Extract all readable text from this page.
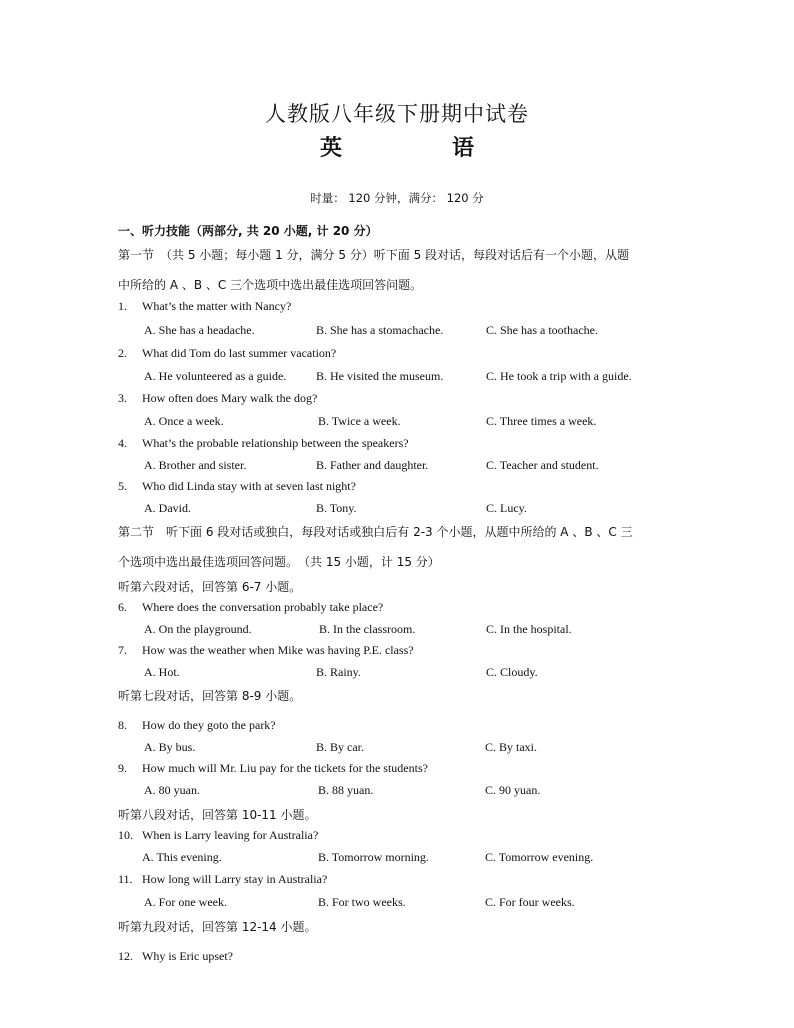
人教版八年级下册期中试卷
英　语
时量： 120 分钟，满分： 120 分
一、听力技能（两部分, 共 20 小题, 计 20 分）
第一节　（共 5 小题；每小题 1 分，满分 5 分）听下面 5 段对话，每段对话后有一个小题，从题
中所给的 A 、B 、C 三个选项中选出最佳选项回答问题。
1. What’s the matter with Nancy?
A. She has a headache.	B. She has a stomachache.	C. She has a toothache.
2. What did Tom do last summer vacation?
A. He volunteered as a guide. B. He visited the museum.	C. He took a trip with a guide.
3. How often does Mary walk the dog?
A. Once a week.	B. Twice a week.	C. Three times a week.
4. What’s the probable relationship between the speakers?
A. Brother and sister.	B. Father and daughter.	C. Teacher and student.
5. Who did Linda stay with at seven last night?
A. David.	B. Tony.	C. Lucy.
第二节　听下面 6 段对话或独白，每段对话或独白后有 2-3 个小题，从题中所给的 A 、B 、C 三
个选项中选出最佳选项回答问题。　（共 15 小题，计 15 分）
听第六段对话，回答第 6-7 小题。
6. Where does the conversation probably take place?
A. On the playground.	B. In the classroom.	C. In the hospital.
7. How was the weather when Mike was having P.E. class?
A. Hot.	B. Rainy.	C. Cloudy.
听第七段对话，回答第 8-9 小题。
8. How do they goto the park?
A. By bus.	B. By car.	C. By taxi.
9. How much will Mr. Liu pay for the tickets for the students?
A. 80 yuan.	B. 88 yuan.	C. 90 yuan.
听第八段对话，回答第 10-11 小题。
10. When is Larry leaving for Australia?
A. This evening.	B. Tomorrow morning.	C. Tomorrow evening.
11. How long will Larry stay in Australia?
A. For one week.	B. For two weeks.	C. For four weeks.
听第九段对话，回答第 12-14 小题。
12. Why is Eric upset?
